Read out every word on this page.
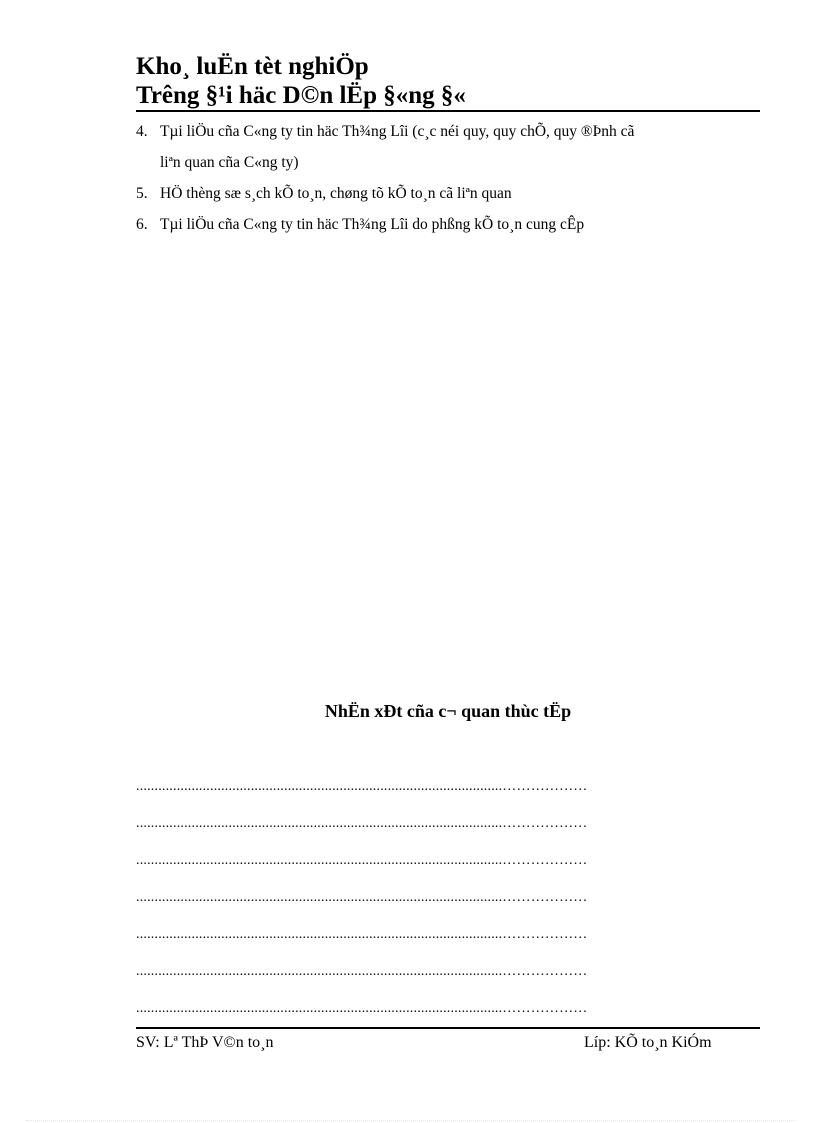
Kho¸ luËn tèt nghiÖp
Trêng §¹i häc D©n lËp §«ng §«
4. Tµi liÖu cña C«ng ty tin häc Th¾ng Lîi (c¸c néi quy, quy chÕ, quy ®Þnh cã
liªn quan cña C«ng ty)
5. HÖ thèng sæ s¸ch kÕ to¸n, chøng tõ kÕ to¸n cã liªn quan
6. Tµi liÖu cña C«ng ty tin häc Th¾ng Lîi do phßng kÕ to¸n cung cÊp
NhËn xÐt cña c¬ quan thùc tËp
...................................................................................................………………
...................................................................................................………………
...................................................................................................………………
...................................................................................................………………
...................................................................................................………………
...................................................................................................………………
...................................................................................................………………
SV: Lª ThÞ V©n to¸n	Líp: KÕ to¸n KiÓm
